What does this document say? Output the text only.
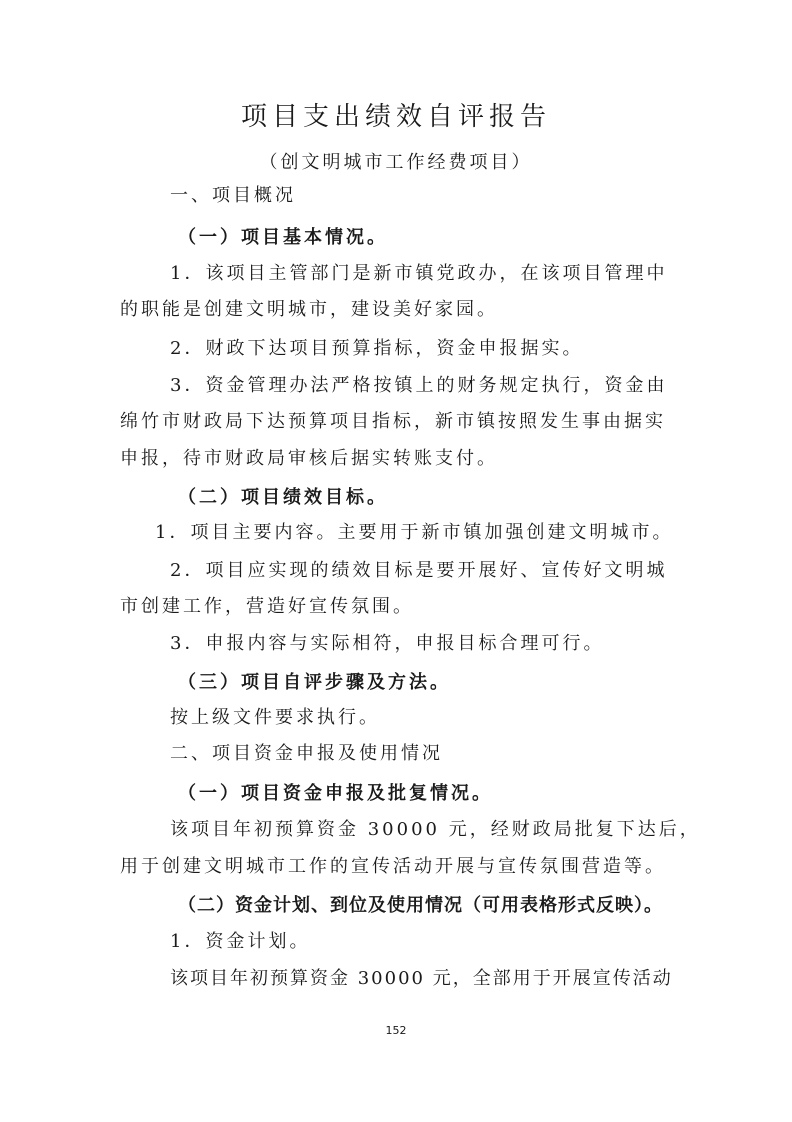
项目支出绩效自评报告

（创文明城市工作经费项目）

一、项目概况

（一）项目基本情况。

1．该项目主管部门是新市镇党政办，在该项目管理中

的职能是创建文明城市，建设美好家园。

2．财政下达项目预算指标，资金申报据实。

3．资金管理办法严格按镇上的财务规定执行，资金由

绵竹市财政局下达预算项目指标，新市镇按照发生事由据实

申报，待市财政局审核后据实转账支付。

（二）项目绩效目标。

1．项目主要内容。主要用于新市镇加强创建文明城市。

2．项目应实现的绩效目标是要开展好、宣传好文明城

市创建工作，营造好宣传氛围。

3．申报内容与实际相符，申报目标合理可行。

（三）项目自评步骤及方法。

按上级文件要求执行。

二、项目资金申报及使用情况

（一）项目资金申报及批复情况。

该项目年初预算资金 30000 元，经财政局批复下达后，

用于创建文明城市工作的宣传活动开展与宣传氛围营造等。

（二）资金计划、到位及使用情况（可用表格形式反映）。

1．资金计划。

该项目年初预算资金 30000 元，全部用于开展宣传活动

152
